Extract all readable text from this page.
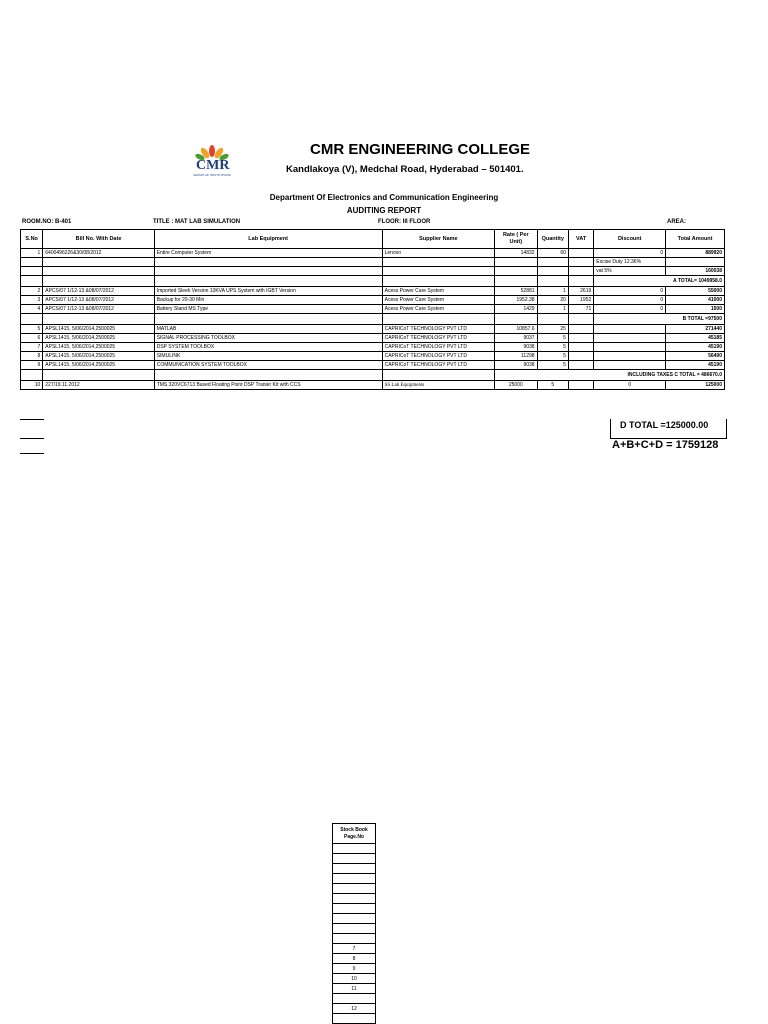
CMR
GROUP OF INSTITUTIONS
CMR ENGINEERING COLLEGE
Kandlakoya (V), Medchal Road, Hyderabad – 501401.
Department Of Electronics and Communication Engineering
AUDITING REPORT
ROOM.NO: B-401	TITLE : MAT LAB SIMULATION	FLOOR: III FLOOR	AREA:
S.No	Bill No. With Date	Lab Equipment	Supplier Name	Rate ( Per Unit)	Quantity	VAT	Discount	Total Amount
1	6400496226&30/08/2012	Entire Computer System	Lenovo	14832	60		0	889920
							Excise Duty 12.36%	
							vat 5%	160038
							A TOTAL= 1049958.0	
2	APCS/07 1/12-13 &08/07/2012	Imported Sleek Version 10KVA UPS System with IGBT Version	Acess Power Care System	52881	1	2619	0	55000
3	APCS/07 1/12-13 &08/07/2012	Backup for 20-30 Min	Acess Power Care System	1952.38	20	1952	0	41000
4	APCS/07 1/12-13 &08/07/2012	Battery Stand MS Type	Acess Power Care System	1429	1	71	0	1500
							B TOTAL =97500	
5	APSL1415, 5/06/2014,2500025	MATLAB	CAPRICoT TECHNOLOGY PVT LTD	10857.6	25			271440
6	APSL1415, 5/06/2014,2500025	SIGNAL PROCESSING TOOLBOX	CAPRICoT TECHNOLOGY PVT LTD	9037	5			45185
7	APSL1415, 5/06/2014,2500025	DSP SYSTEM TOOLBOX	CAPRICoT TECHNOLOGY PVT LTD	9038	5			45190
8	APSL1415, 5/06/2014,2500025	SIMULINK	CAPRICoT TECHNOLOGY PVT LTD	11298	5			56490
9	APSL1415, 5/06/2014,2500025	COMMUNICATION SYSTEM TOOLBOX	CAPRICoT TECHNOLOGY PVT LTD	9038	5			45190
				INCLUDING TAXES C TOTAL = 486670.0				
10	227/19.11.2012	TMS 320VC6713 Based Floating Point DSP Tranier Kit with CCS	SS Lab Equipments	25000	5		0	125000
D TOTAL =125000.00
A+B+C+D = 1759128
Stock Book Page.No

7
8
9
10
11

12
